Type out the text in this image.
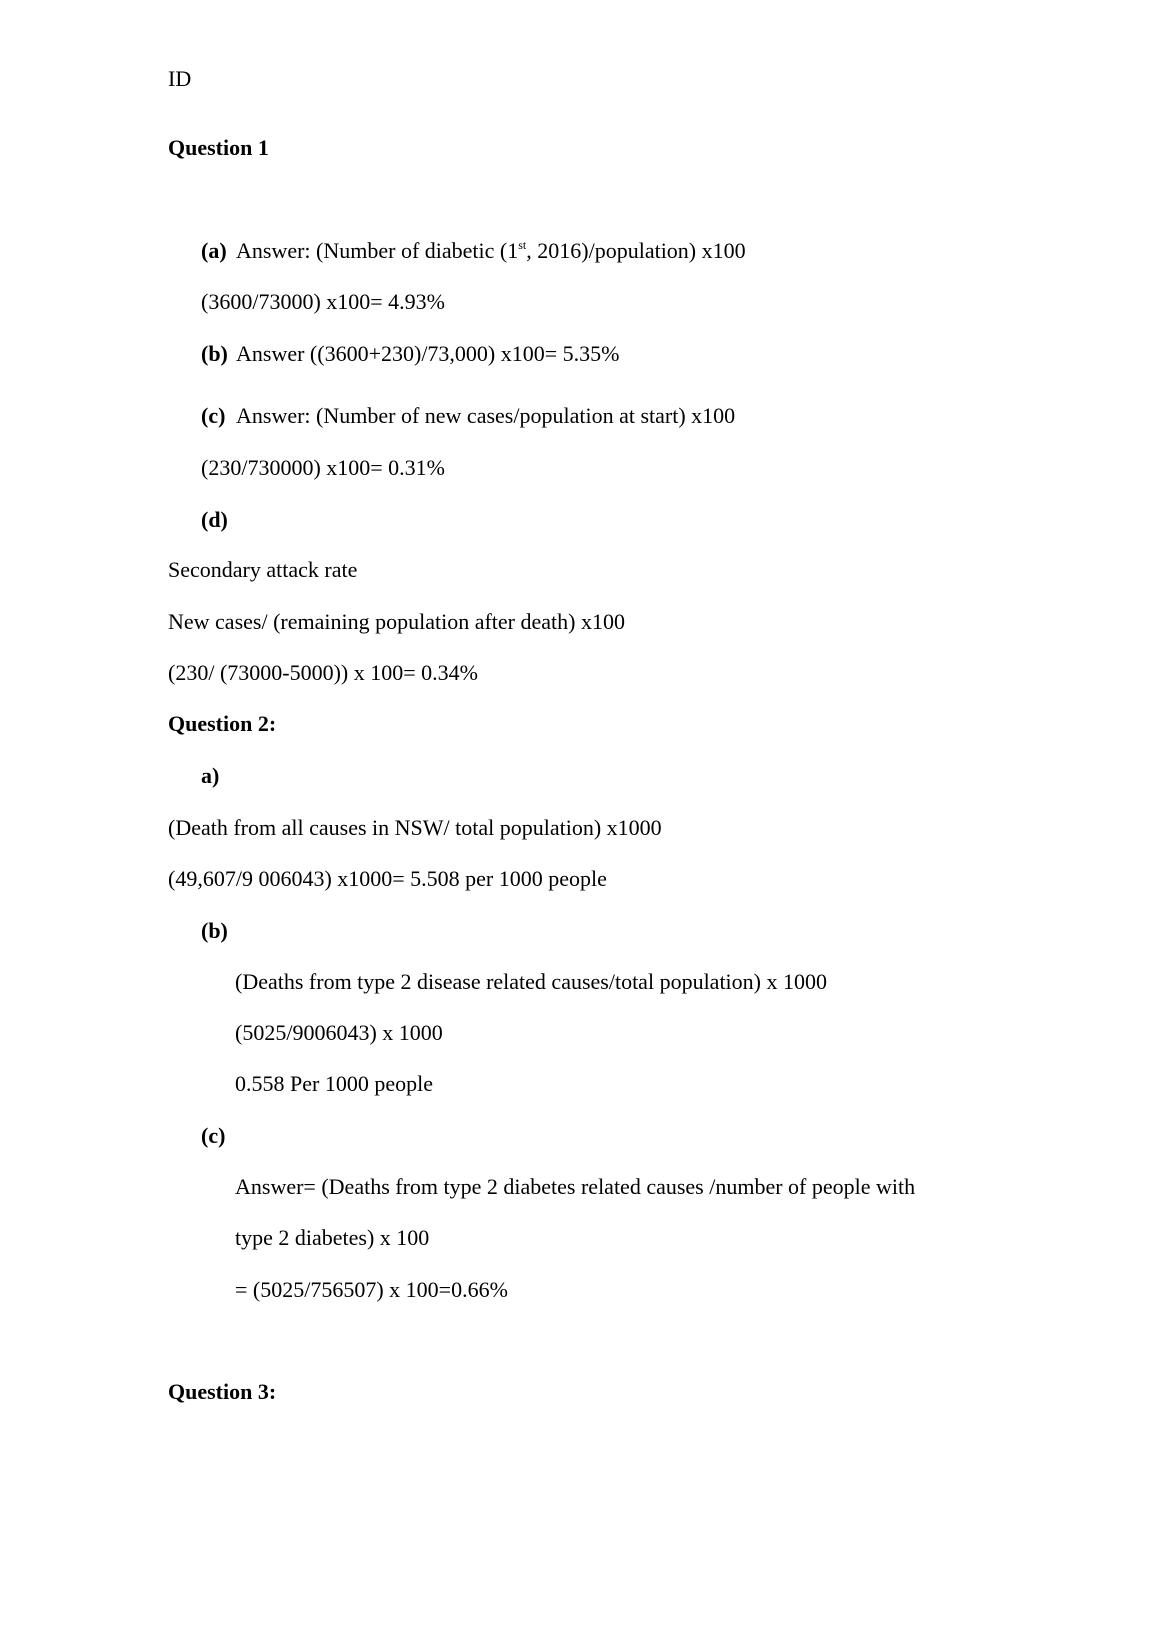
ID
Question 1
(a) Answer: (Number of diabetic (1st, 2016)/population) x100
(3600/73000) x100= 4.93%
(b) Answer ((3600+230)/73,000) x100= 5.35%
(c) Answer: (Number of new cases/population at start) x100
(230/730000) x100= 0.31%
(d)
Secondary attack rate
New cases/ (remaining population after death) x100
(230/ (73000-5000)) x 100= 0.34%
Question 2:
a)
(Death from all causes in NSW/ total population) x1000
(49,607/9 006043) x1000= 5.508 per 1000 people
(b)
(Deaths from type 2 disease related causes/total population) x 1000
(5025/9006043) x 1000
0.558 Per 1000 people
(c)
Answer= (Deaths from type 2 diabetes related causes /number of people with
type 2 diabetes) x 100
= (5025/756507) x 100=0.66%
Question 3:
